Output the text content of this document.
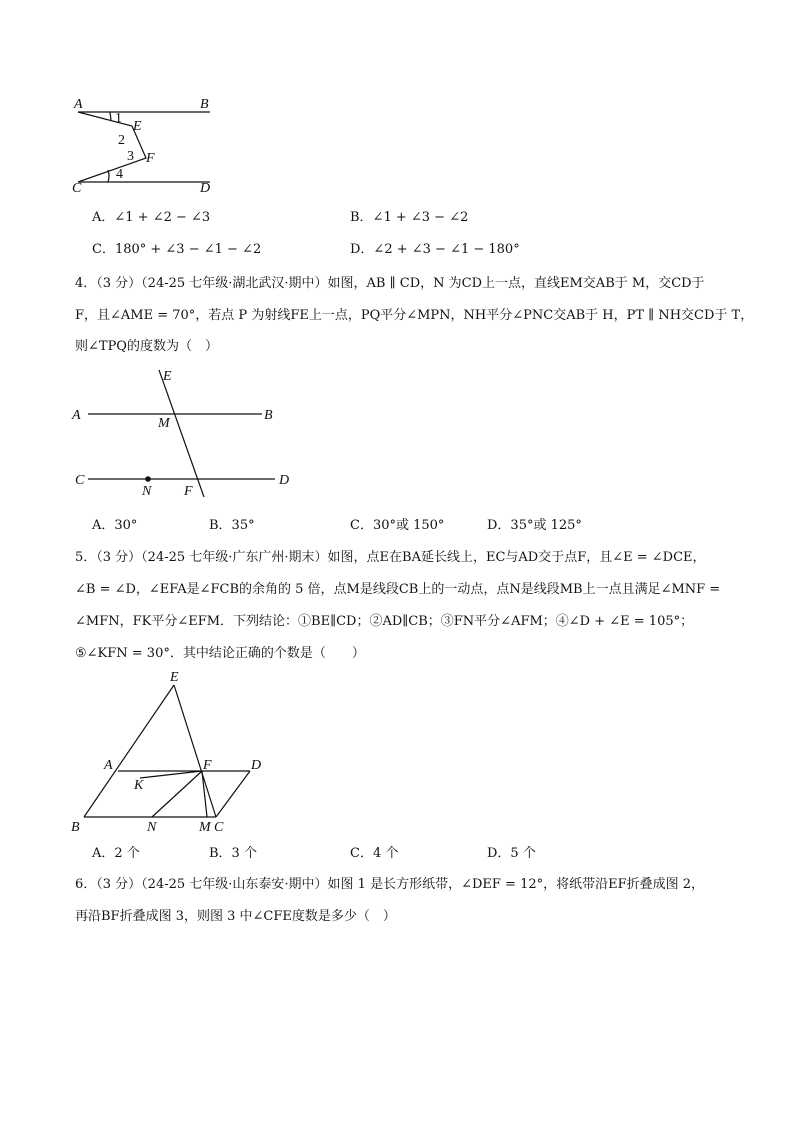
A	B
C	D
E
F
1
2
3
4
A．∠1 + ∠2 − ∠3	B．∠1 + ∠3 − ∠2
C．180° + ∠3 − ∠1 − ∠2	D．∠2 + ∠3 − ∠1 − 180°
4．（3 分）（24-25 七年级·湖北武汉·期中）如图，AB ∥ CD，N 为CD上一点，直线EM交AB于 M，交CD于
F，且∠AME = 70°，若点 P 为射线FE上一点，PQ平分∠MPN，NH平分∠PNC交AB于 H，PT ∥ NH交CD于 T，
则∠TPQ的度数为（　）
E
A	B
M
C	D
N F
A．30°	B．35°	C．30°或 150°	D．35°或 125°
5．（3 分）（24-25 七年级·广东广州·期末）如图，点E在BA延长线上，EC与AD交于点F，且∠E = ∠DCE，
∠B = ∠D，∠EFA是∠FCB的余角的 5 倍，点M是线段CB上的一动点，点N是线段MB上一点且满足∠MNF =
∠MFN，FK平分∠EFM．下列结论：①BE∥CD；②AD∥CB；③FN平分∠AFM；④∠D + ∠E = 105°；
⑤∠KFN = 30°．其中结论正确的个数是（　　）
E
A	F	D
K
B	N	M C
A．2 个	B．3 个	C．4 个	D．5 个
6．（3 分）（24-25 七年级·山东泰安·期中）如图 1 是长方形纸带，∠DEF = 12°，将纸带沿EF折叠成图 2，
再沿BF折叠成图 3，则图 3 中∠CFE度数是多少（　）
